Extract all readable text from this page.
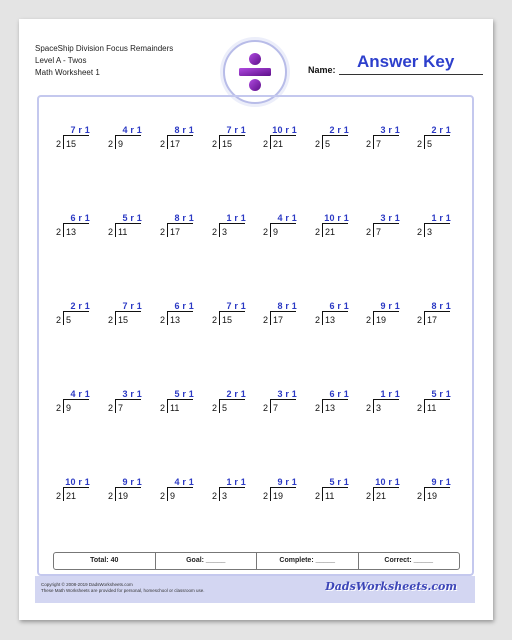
SpaceShip Division Focus Remainders
Level A - Twos
Math Worksheet 1	Name: Answer Key
7 r 1
2 15
4 r 1
2 9
8 r 1
2 17
7 r 1
2 15
10 r 1
2 21
2 r 1
2 5
3 r 1
2 7
2 r 1
2 5
6 r 1
2 13
5 r 1
2 11
8 r 1
2 17
1 r 1
2 3
4 r 1
2 9
10 r 1
2 21
3 r 1
2 7
1 r 1
2 3
2 r 1
2 5
7 r 1
2 15
6 r 1
2 13
7 r 1
2 15
8 r 1
2 17
6 r 1
2 13
9 r 1
2 19
8 r 1
2 17
4 r 1
2 9
3 r 1
2 7
5 r 1
2 11
2 r 1
2 5
3 r 1
2 7
6 r 1
2 13
1 r 1
2 3
5 r 1
2 11
10 r 1
2 21
9 r 1
2 19
4 r 1
2 9
1 r 1
2 3
9 r 1
2 19
5 r 1
2 11
10 r 1
2 21
9 r 1
2 19
Total: 40	Goal: _____	Complete: _____	Correct: _____
Copyright © 2008-2019 DadsWorksheets.com
These Math Worksheets are provided for personal, homeschool or classroom use.	DadsWorksheets.com
